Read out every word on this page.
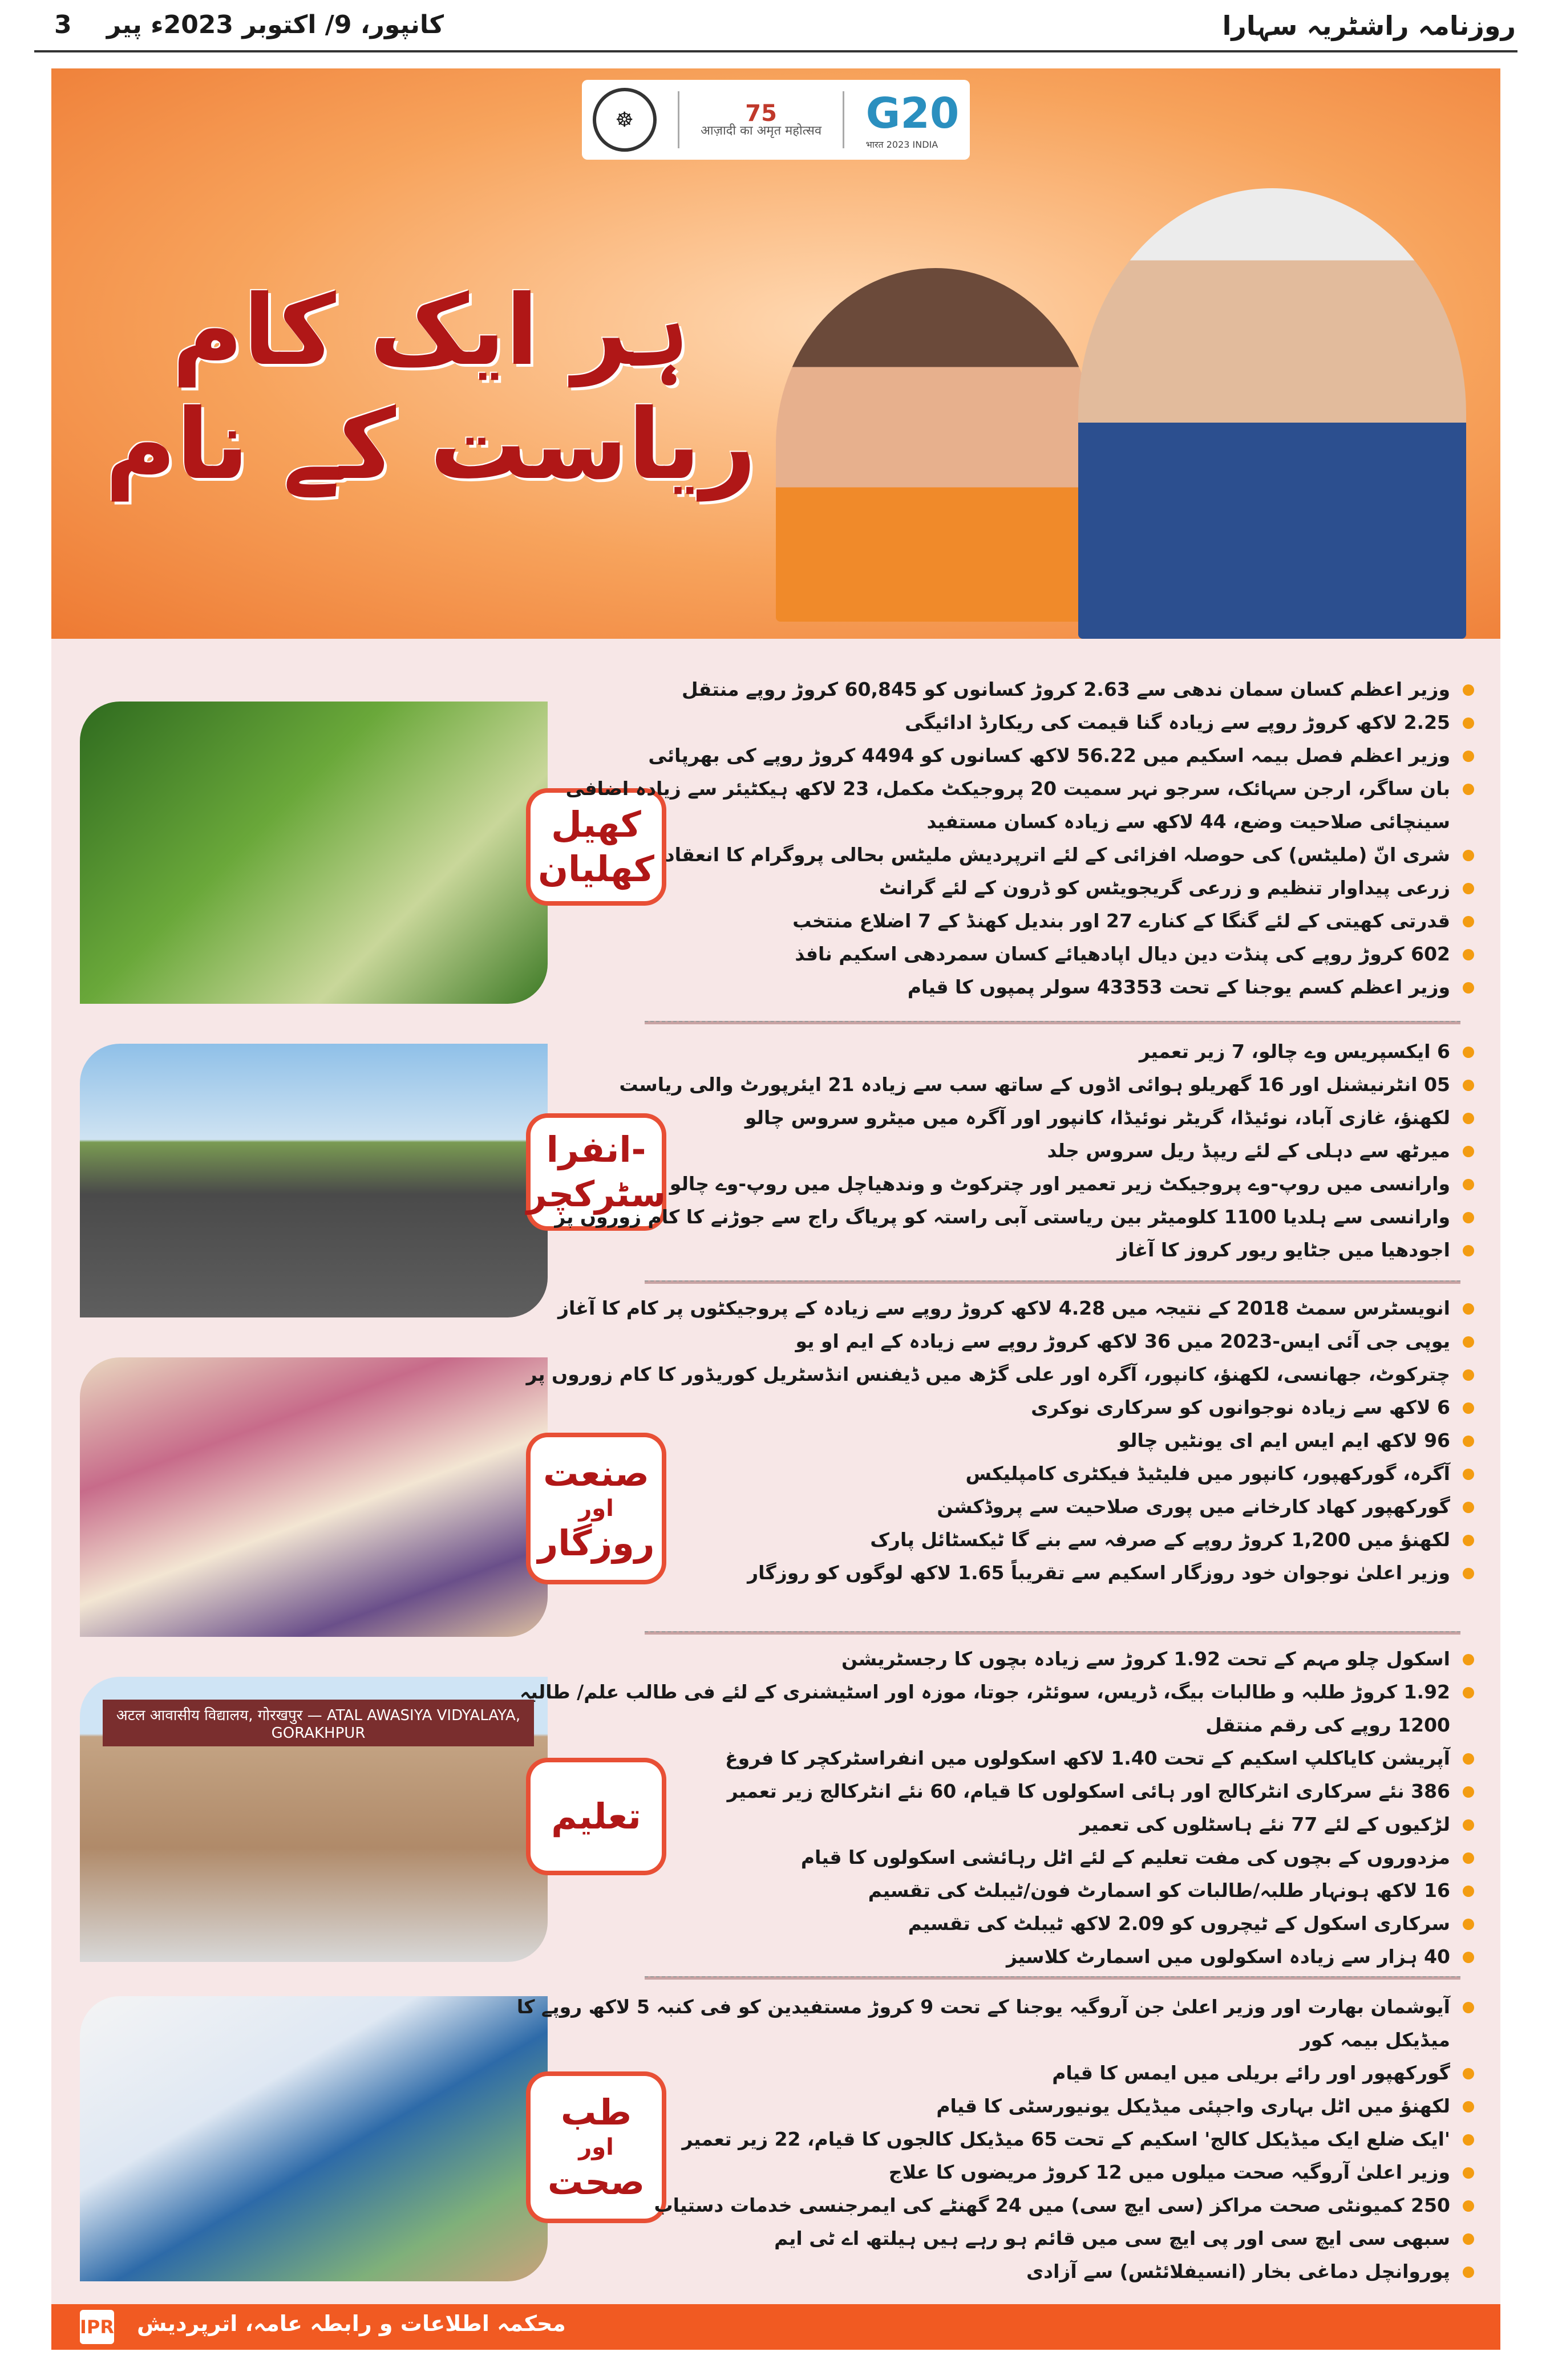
3 کانپور، 9/ اکتوبر 2023ء پیر	روزنامہ راشٹریہ سہارا
☸	75
आज़ादी का अमृत महोत्सव G20
भारत 2023 INDIA
ہر ایک کام
ریاست کے نام
کھیل
کھلیان
وزیر اعظم کسان سمان ندھی سے 2.63 کروڑ کسانوں کو 60,845 کروڑ روپے منتقل
2.25 لاکھ کروڑ روپے سے زیادہ گنا قیمت کی ریکارڈ ادائیگی
وزیر اعظم فصل بیمہ اسکیم میں 56.22 لاکھ کسانوں کو 4494 کروڑ روپے کی بھرپائی
بان ساگر، ارجن سہائک، سرجو نہر سمیت 20 پروجیکٹ مکمل، 23 لاکھ ہیکٹیئر سے زیادہ اضافی سینچائی صلاحیت وضع، 44 لاکھ سے زیادہ کسان مستفید
شری انّ (ملیٹس) کی حوصلہ افزائی کے لئے اترپردیش ملیٹس بحالی پروگرام کا انعقاد
زرعی پیداوار تنظیم و زرعی گریجویٹس کو ڈرون کے لئے گرانٹ
قدرتی کھیتی کے لئے گنگا کے کنارے 27 اور بندیل کھنڈ کے 7 اضلاع منتخب
602 کروڑ روپے کی پنڈت دین دیال اپادھیائے کسان سمردھی اسکیم نافذ
وزیر اعظم کسم یوجنا کے تحت 43353 سولر پمپوں کا قیام
انفرا-
سٹرکچر
6 ایکسپریس وے چالو، 7 زیر تعمیر
05 انٹرنیشنل اور 16 گھریلو ہوائی اڈوں کے ساتھ سب سے زیادہ 21 ایئرپورٹ والی ریاست
لکھنؤ، غازی آباد، نوئیڈا، گریٹر نوئیڈا، کانپور اور آگرہ میں میٹرو سروس چالو
میرٹھ سے دہلی کے لئے ریپڈ ریل سروس جلد
وارانسی میں روپ-وے پروجیکٹ زیر تعمیر اور چترکوٹ و وندھیاچل میں روپ-وے چالو
وارانسی سے ہلدیا 1100 کلومیٹر بین ریاستی آبی راستہ کو پریاگ راج سے جوڑنے کا کام زوروں پر
اجودھیا میں جٹایو ریور کروز کا آغاز
صنعت
اور
روزگار
انویسٹرس سمٹ 2018 کے نتیجہ میں 4.28 لاکھ کروڑ روپے سے زیادہ کے پروجیکٹوں پر کام کا آغاز
یوپی جی آئی ایس-2023 میں 36 لاکھ کروڑ روپے سے زیادہ کے ایم او یو
چترکوٹ، جھانسی، لکھنؤ، کانپور، آگرہ اور علی گڑھ میں ڈیفنس انڈسٹریل کوریڈور کا کام زوروں پر
6 لاکھ سے زیادہ نوجوانوں کو سرکاری نوکری
96 لاکھ ایم ایس ایم ای یونٹیں چالو
آگرہ، گورکھپور، کانپور میں فلیٹیڈ فیکٹری کامپلیکس
گورکھپور کھاد کارخانے میں پوری صلاحیت سے پروڈکشن
لکھنؤ میں 1,200 کروڑ روپے کے صرفہ سے بنے گا ٹیکسٹائل پارک
وزیر اعلیٰ نوجوان خود روزگار اسکیم سے تقریباً 1.65 لاکھ لوگوں کو روزگار
अटल आवासीय विद्यालय, गोरखपुर — ATAL AWASIYA VIDYALAYA, GORAKHPUR
تعلیم
اسکول چلو مہم کے تحت 1.92 کروڑ سے زیادہ بچوں کا رجسٹریشن
1.92 کروڑ طلبہ و طالبات بیگ، ڈریس، سوئٹر، جوتا، موزہ اور اسٹیشنری کے لئے فی طالب علم/ طالبہ 1200 روپے کی رقم منتقل
آپریشن کایاکلپ اسکیم کے تحت 1.40 لاکھ اسکولوں میں انفراسٹرکچر کا فروغ
386 نئے سرکاری انٹرکالج اور ہائی اسکولوں کا قیام، 60 نئے انٹرکالج زیر تعمیر
لڑکیوں کے لئے 77 نئے ہاسٹلوں کی تعمیر
مزدوروں کے بچوں کی مفت تعلیم کے لئے اٹل رہائشی اسکولوں کا قیام
16 لاکھ ہونہار طلبہ/طالبات کو اسمارٹ فون/ٹیبلٹ کی تقسیم
سرکاری اسکول کے ٹیچروں کو 2.09 لاکھ ٹیبلٹ کی تقسیم
40 ہزار سے زیادہ اسکولوں میں اسمارٹ کلاسیز
طب
اور
صحت
آیوشمان بھارت اور وزیر اعلیٰ جن آروگیہ یوجنا کے تحت 9 کروڑ مستفیدین کو فی کنبہ 5 لاکھ روپے کا میڈیکل بیمہ کور
گورکھپور اور رائے بریلی میں ایمس کا قیام
لکھنؤ میں اٹل بہاری واجپئی میڈیکل یونیورسٹی کا قیام
'ایک ضلع ایک میڈیکل کالج' اسکیم کے تحت 65 میڈیکل کالجوں کا قیام، 22 زیر تعمیر
وزیر اعلیٰ آروگیہ صحت میلوں میں 12 کروڑ مریضوں کا علاج
250 کمیونٹی صحت مراکز (سی ایچ سی) میں 24 گھنٹے کی ایمرجنسی خدمات دستیاب
سبھی سی ایچ سی اور پی ایچ سی میں قائم ہو رہے ہیں ہیلتھ اے ٹی ایم
پوروانچل دماغی بخار (انسیفلائٹس) سے آزادی
IPR محکمہ اطلاعات و رابطہ عامہ، اترپردیش
